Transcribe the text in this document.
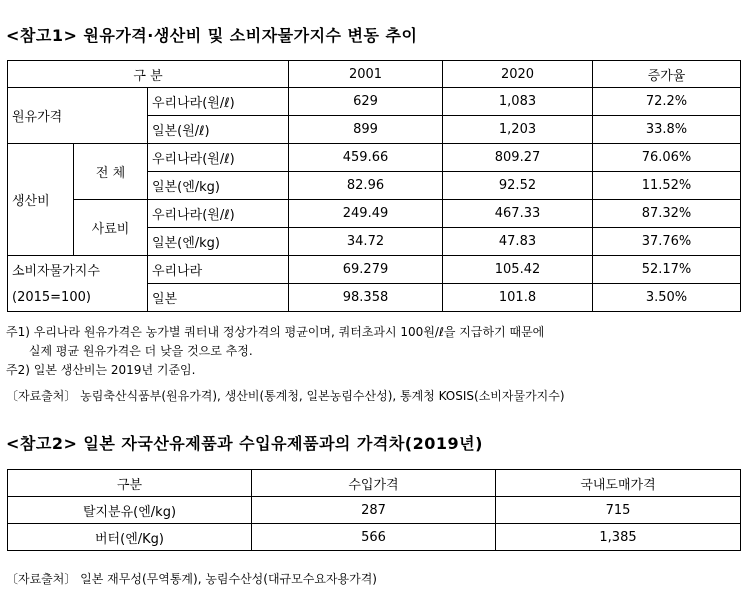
<참고1> 원유가격·생산비 및 소비자물가지수 변동 추이
구 분			2001	2020	증가율
원유가격		우리나라(원/ℓ)	629	1,083	72.2%
		일본(원/ℓ)	899	1,203	33.8%
생산비	전 체	우리나라(원/ℓ)	459.66	809.27	76.06%
		일본(엔/kg)	82.96	92.52	11.52%
	사료비	우리나라(원/ℓ)	249.49	467.33	87.32%
		일본(엔/kg)	34.72	47.83	37.76%
소비자물가지수		우리나라	69.279	105.42	52.17%
(2015=100)		일본	98.358	101.8	3.50%
주1) 우리나라 원유가격은 농가별 쿼터내 정상가격의 평균이며, 쿼터초과시 100원/ℓ을 지급하기 때문에
실제 평균 원유가격은 더 낮을 것으로 추정.
주2) 일본 생산비는 2019년 기준임.
〔자료출처〕 농림축산식품부(원유가격), 생산비(통계청, 일본농림수산성), 통계청 KOSIS(소비자물가지수)
<참고2> 일본 자국산유제품과 수입유제품과의 가격차(2019년)
구분	수입가격	국내도매가격
탈지분유(엔/kg)	287	715
버터(엔/Kg)	566	1,385
〔자료출처〕 일본 재무성(무역통계), 농림수산성(대규모수요자용가격)
